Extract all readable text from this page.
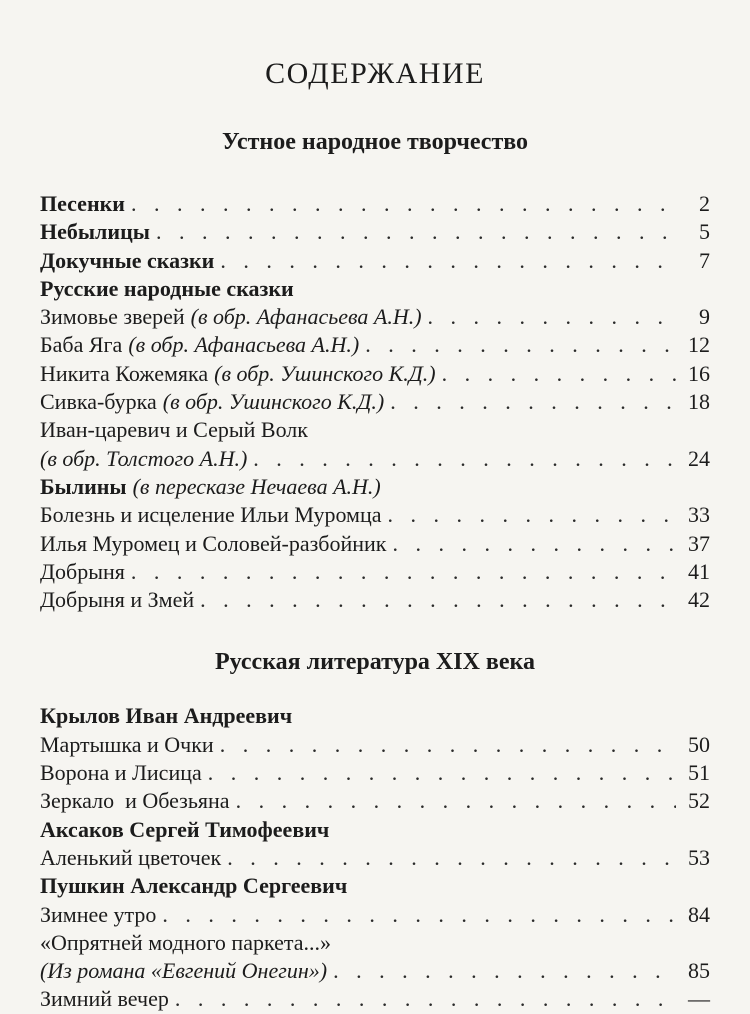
СОДЕРЖАНИЕ
Устное народное творчество
Песенки . . .	2
Небылицы . . .	5
Докучные сказки . . .	7
Русские народные сказки
Зимовье зверей (в обр. Афанасьева А.Н.) . . .	9
Баба Яга (в обр. Афанасьева А.Н.) . . .	12
Никита Кожемяка (в обр. Ушинского К.Д.) . . .	16
Сивка-бурка (в обр. Ушинского К.Д.) . . .	18
Иван-царевич и Серый Волк
(в обр. Толстого А.Н.) . . .	24
Былины (в пересказе Нечаева А.Н.)
Болезнь и исцеление Ильи Муромца . . .	33
Илья Муромец и Соловей-разбойник . . .	37
Добрыня . . .	41
Добрыня и Змей . . .	42
Русская литература XIX века
Крылов Иван Андреевич
Мартышка и Очки . . .	50
Ворона и Лисица . . .	51
Зеркало  и Обезьяна . . .	52
Аксаков Сергей Тимофеевич
Аленький цветочек . . .	53
Пушкин Александр Сергеевич
Зимнее утро . . .	84
«Опрятней модного паркета...»
(Из романа «Евгений Онегин») . . .	85
Зимний вечер . . .	—
